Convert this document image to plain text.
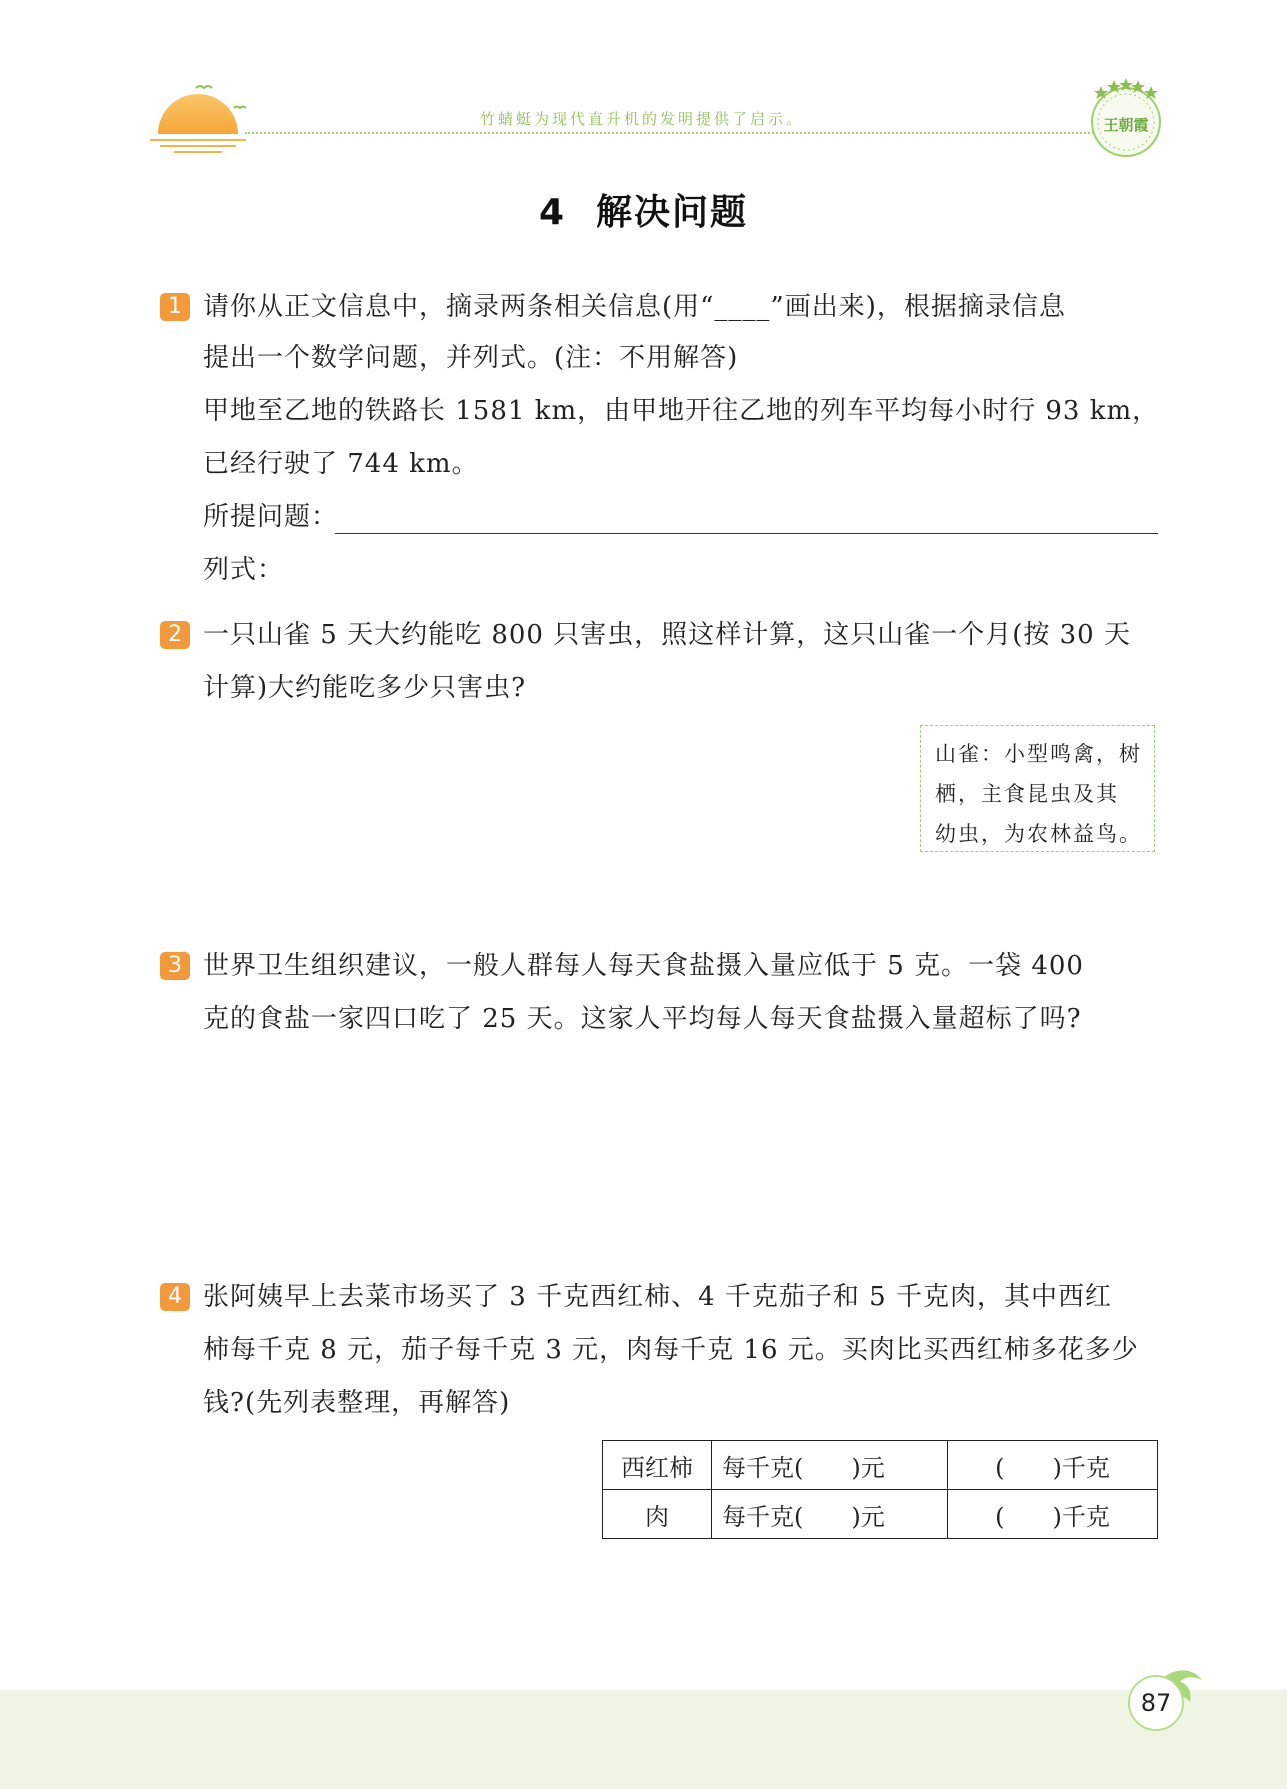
竹蜻蜓为现代直升机的发明提供了启示。	王朝霞
4 解决问题
1 请你从正文信息中，摘录两条相关信息(用“____”画出来)，根据摘录信息
提出一个数学问题，并列式。(注：不用解答)
甲地至乙地的铁路长 1581 km，由甲地开往乙地的列车平均每小时行 93 km，
已经行驶了 744 km。
所提问题：
列式：
2 一只山雀 5 天大约能吃 800 只害虫，照这样计算，这只山雀一个月(按 30 天
计算)大约能吃多少只害虫?
山雀：小型鸣禽，树
栖，主食昆虫及其
幼虫，为农林益鸟。
3 世界卫生组织建议，一般人群每人每天食盐摄入量应低于 5 克。一袋 400
克的食盐一家四口吃了 25 天。这家人平均每人每天食盐摄入量超标了吗?
4 张阿姨早上去菜市场买了 3 千克西红柿、4 千克茄子和 5 千克肉，其中西红
柿每千克 8 元，茄子每千克 3 元，肉每千克 16 元。买肉比买西红柿多花多少
钱?(先列表整理，再解答)
西红柿	每千克(　　)元	(　　)千克
肉	每千克(　　)元	(　　)千克
87
